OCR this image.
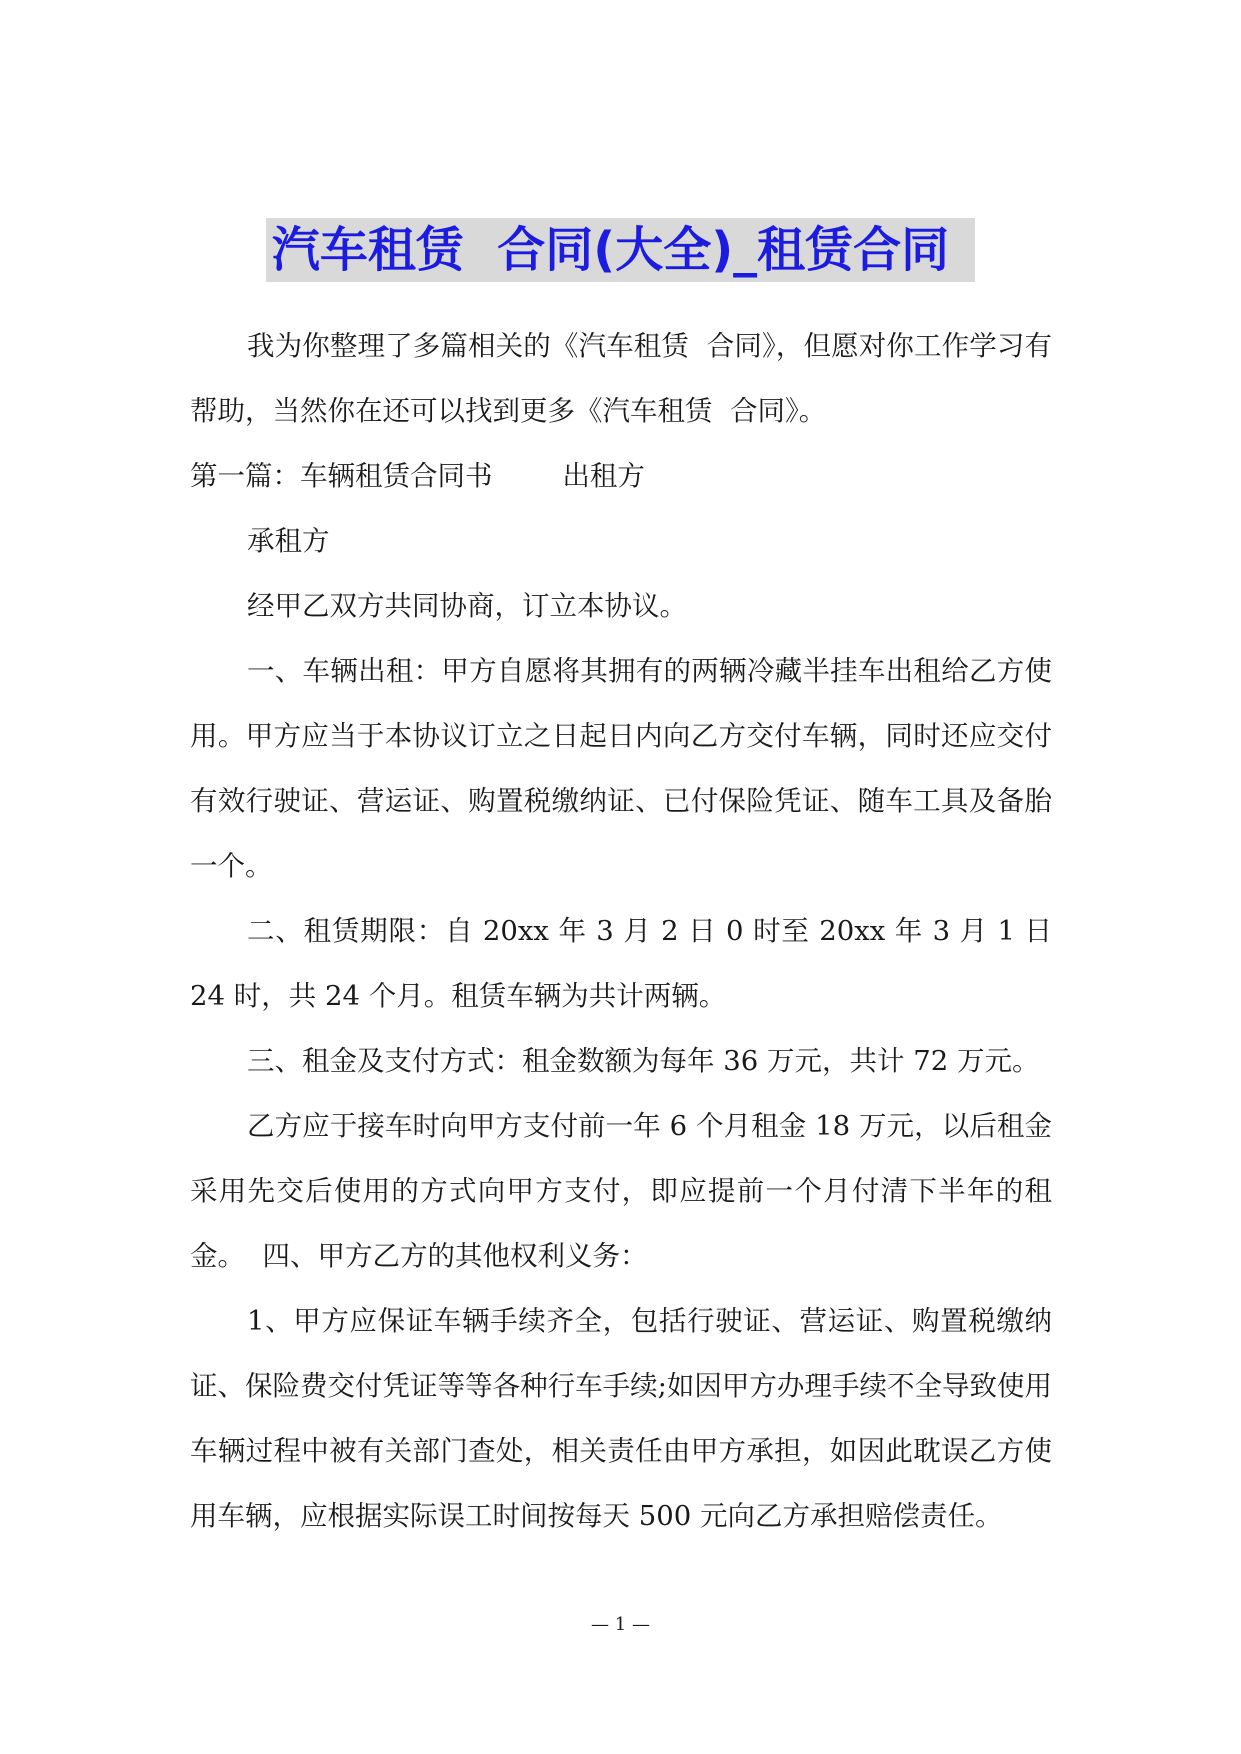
汽车租赁  合同(大全)_租赁合同

我为你整理了多篇相关的《汽车租赁  合同》，但愿对你工作学习有帮助，当然你在还可以找到更多《汽车租赁  合同》。

第一篇：车辆租赁合同书        出租方

承租方

经甲乙双方共同协商，订立本协议。

一、车辆出租：甲方自愿将其拥有的两辆冷藏半挂车出租给乙方使用。甲方应当于本协议订立之日起日内向乙方交付车辆，同时还应交付有效行驶证、营运证、购置税缴纳证、已付保险凭证、随车工具及备胎一个。

二、租赁期限：自 20xx 年 3 月 2 日 0 时至 20xx 年 3 月 1 日 24 时，共 24 个月。租赁车辆为共计两辆。

三、租金及支付方式：租金数额为每年 36 万元，共计 72 万元。

乙方应于接车时向甲方支付前一年 6 个月租金 18 万元，以后租金采用先交后使用的方式向甲方支付，即应提前一个月付清下半年的租金。  四、甲方乙方的其他权利义务：

1、甲方应保证车辆手续齐全，包括行驶证、营运证、购置税缴纳证、保险费交付凭证等等各种行车手续;如因甲方办理手续不全导致使用车辆过程中被有关部门查处，相关责任由甲方承担，如因此耽误乙方使用车辆，应根据实际误工时间按每天 500 元向乙方承担赔偿责任。

— 1 —
